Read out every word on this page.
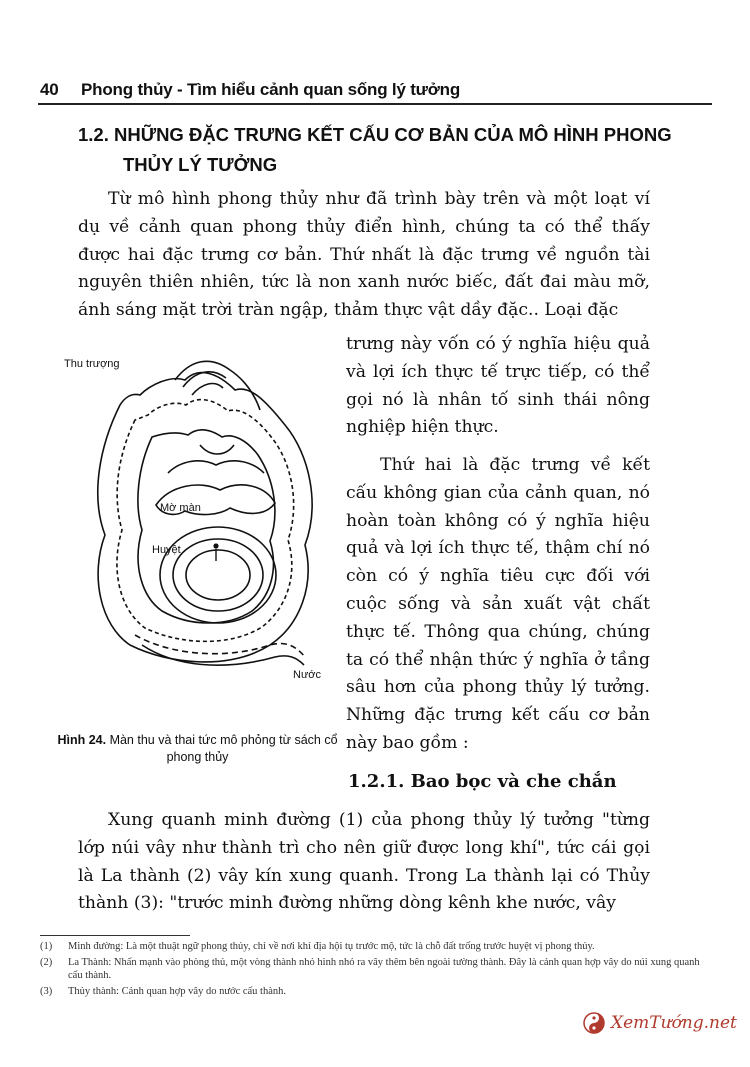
40 Phong thủy - Tìm hiểu cảnh quan sống lý tưởng
1.2. NHỮNG ĐẶC TRƯNG KẾT CẤU CƠ BẢN CỦA MÔ HÌNH PHONG
THỦY LÝ TƯỞNG
Từ mô hình phong thủy như đã trình bày trên và một loạt ví dụ về cảnh quan phong thủy điển hình, chúng ta có thể thấy được hai đặc trưng cơ bản. Thứ nhất là đặc trưng về nguồn tài nguyên thiên nhiên, tức là non xanh nước biếc, đất đai màu mỡ, ánh sáng mặt trời tràn ngập, thảm thực vật dầy đặc.. Loại đặc
trưng này vốn có ý nghĩa hiệu quả và lợi ích thực tế trực tiếp, có thể gọi nó là nhân tố sinh thái nông nghiệp hiện thực.
Thứ hai là đặc trưng về kết cấu không gian của cảnh quan, nó hoàn toàn không có ý nghĩa hiệu quả và lợi ích thực tế, thậm chí nó còn có ý nghĩa tiêu cực đối với cuộc sống và sản xuất vật chất thực tế. Thông qua chúng, chúng ta có thể nhận thức ý nghĩa ở tầng sâu hơn của phong thủy lý tưởng. Những đặc trưng kết cấu cơ bản này bao gồm :
Thu trượng
Mờ màn
Huyệt
Nước
Hình 24. Màn thu và thai tức mô phỏng từ sách cổ phong thủy
1.2.1. Bao bọc và che chắn
Xung quanh minh đường (1) của phong thủy lý tưởng "từng lớp núi vây như thành trì cho nên giữ được long khí", tức cái gọi là La thành (2) vây kín xung quanh. Trong La thành lại có Thủy thành (3): "trước minh đường những dòng kênh khe nước, vây
(1)	Minh đường: Là một thuật ngữ phong thủy, chỉ về nơi khí địa hội tụ trước mộ, tức là chỗ đất trống trước huyệt vị phong thủy.
(2)	La Thành: Nhấn mạnh vào phòng thủ, một vòng thành nhỏ hình nhỏ ra vây thêm bên ngoài tường thành. Đây là cảnh quan hợp vây do núi xung quanh cấu thành.
(3)	Thủy thành: Cảnh quan hợp vây do nước cấu thành.
XemTướng.net
